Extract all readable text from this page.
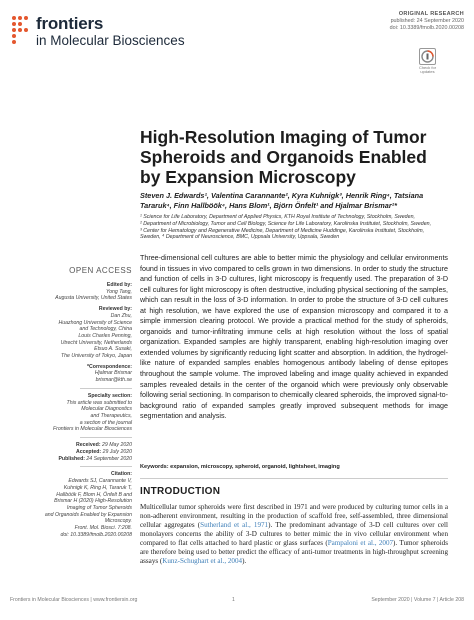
frontiers
in Molecular Biosciences
ORIGINAL RESEARCH
published: 24 September 2020
doi: 10.3389/fmolb.2020.00208
Check for updates
High-Resolution Imaging of Tumor Spheroids and Organoids Enabled by Expansion Microscopy
Steven J. Edwards¹, Valentina Carannante², Kyra Kuhnigk³, Henrik Ring⁴, Tatsiana Tararuk⁴, Finn Hallböök⁴, Hans Blom¹, Björn Önfelt¹ and Hjalmar Brismar¹*
¹ Science for Life Laboratory, Department of Applied Physics, KTH Royal Institute of Technology, Stockholm, Sweden,
² Department of Microbiology, Tumor and Cell Biology, Science for Life Laboratory, Karolinska Institutet, Stockholm, Sweden,
³ Center for Hematology and Regenerative Medicine, Department of Medicine Huddinge, Karolinska Institutet, Stockholm,
Sweden, ⁴ Department of Neuroscience, BMC, Uppsala University, Uppsala, Sweden
OPEN ACCESS
Edited by:
Yong Tang,
Augusta University, United States
Reviewed by:
Dan Zhu,
Huazhong University of Science
and Technology, China
Louis Charles Penning,
Utrecht University, Netherlands
Etsuo A. Susaki,
The University of Tokyo, Japan
*Correspondence:
Hjalmar Brismar
brismar@kth.se
Specialty section:
This article was submitted to
Molecular Diagnostics
and Therapeutics,
a section of the journal
Frontiers in Molecular Biosciences
Received: 29 May 2020
Accepted: 29 July 2020
Published: 24 September 2020
Citation:
Edwards SJ, Carannante V,
Kuhnigk K, Ring H, Tararuk T,
Hallböök F, Blom H, Önfelt B and
Brismar H (2020) High-Resolution
Imaging of Tumor Spheroids
and Organoids Enabled by Expansion
Microscopy.
Front. Mol. Biosci. 7:208.
doi: 10.3389/fmolb.2020.00208
Three-dimensional cell cultures are able to better mimic the physiology and cellular environments found in tissues in vivo compared to cells grown in two dimensions. In order to study the structure and function of cells in 3-D cultures, light microscopy is frequently used. The preparation of 3-D cell cultures for light microscopy is often destructive, including physical sectioning of the samples, which can result in the loss of 3-D information. In order to probe the structure of 3-D cell cultures at high resolution, we have explored the use of expansion microscopy and compared it to a simple immersion clearing protocol. We provide a practical method for the study of spheroids, organoids and tumor-infiltrating immune cells at high resolution without the loss of spatial organization. Expanded samples are highly transparent, enabling high-resolution imaging over extended volumes by significantly reducing light scatter and absorption. In addition, the hydrogel-like nature of expanded samples enables homogenous antibody labeling of dense epitopes throughout the sample volume. The improved labeling and image quality achieved in expanded samples revealed details in the center of the organoid which were previously only observable following serial sectioning. In comparison to chemically cleared spheroids, the improved signal-to-background ratio of expanded samples greatly improved subsequent methods for image segmentation and analysis.
Keywords: expansion, microscopy, spheroid, organoid, lightsheet, imaging
INTRODUCTION
Multicellular tumor spheroids were first described in 1971 and were produced by culturing tumor cells in a non-adherent environment, resulting in the production of scaffold free, self-assembled, three dimensional cellular aggregates (Sutherland et al., 1971). The predominant advantage of 3-D cell cultures over cell monolayers concerns the ability of 3-D cultures to better mimic the in vivo cellular environment when compared to flat cells attached to hard plastic or glass surfaces (Pampaloni et al., 2007). Tumor spheroids are therefore being used to better predict the efficacy of anti-tumor treatments in high-throughput screening assays (Kunz-Schughart et al., 2004).
Frontiers in Molecular Biosciences | www.frontiersin.org	1	September 2020 | Volume 7 | Article 208
